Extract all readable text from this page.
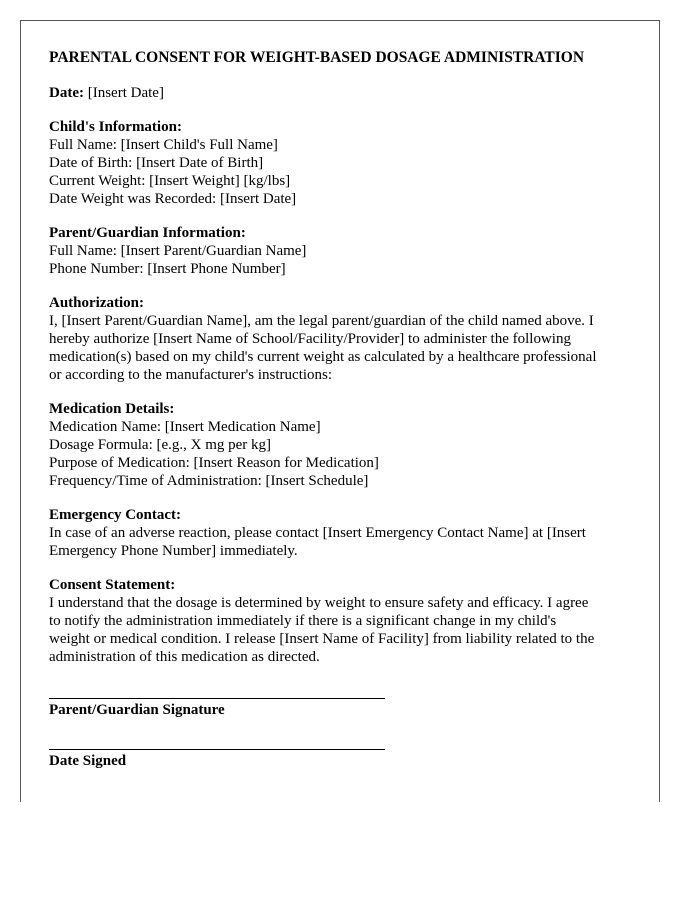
PARENTAL CONSENT FOR WEIGHT-BASED DOSAGE ADMINISTRATION
Date: [Insert Date]
Child's Information:
Full Name: [Insert Child's Full Name]
Date of Birth: [Insert Date of Birth]
Current Weight: [Insert Weight] [kg/lbs]
Date Weight was Recorded: [Insert Date]
Parent/Guardian Information:
Full Name: [Insert Parent/Guardian Name]
Phone Number: [Insert Phone Number]
Authorization:
I, [Insert Parent/Guardian Name], am the legal parent/guardian of the child named above. I
hereby authorize [Insert Name of School/Facility/Provider] to administer the following
medication(s) based on my child's current weight as calculated by a healthcare professional
or according to the manufacturer's instructions:
Medication Details:
Medication Name: [Insert Medication Name]
Dosage Formula: [e.g., X mg per kg]
Purpose of Medication: [Insert Reason for Medication]
Frequency/Time of Administration: [Insert Schedule]
Emergency Contact:
In case of an adverse reaction, please contact [Insert Emergency Contact Name] at [Insert
Emergency Phone Number] immediately.
Consent Statement:
I understand that the dosage is determined by weight to ensure safety and efficacy. I agree
to notify the administration immediately if there is a significant change in my child's
weight or medical condition. I release [Insert Name of Facility] from liability related to the
administration of this medication as directed.
Parent/Guardian Signature
Date Signed
